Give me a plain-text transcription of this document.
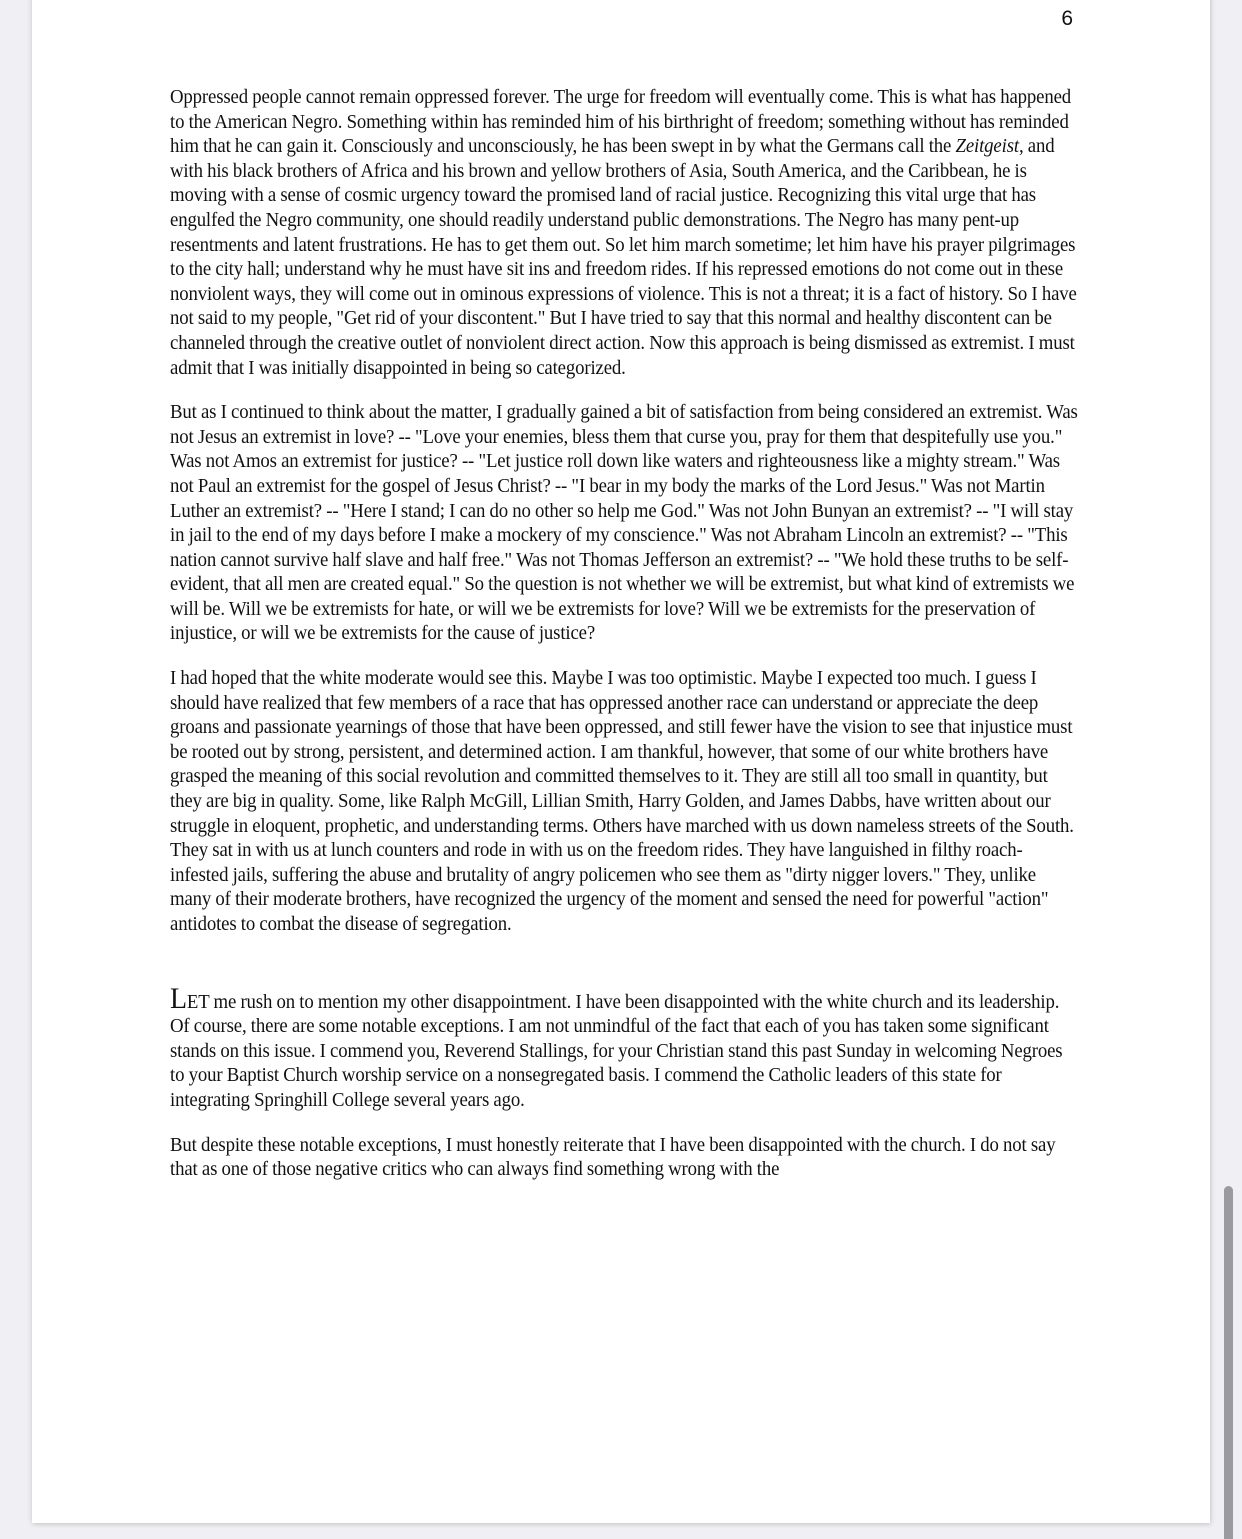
6

Oppressed people cannot remain oppressed forever. The urge for freedom will eventually come. This is what has happened to the American Negro. Something within has reminded him of his birthright of freedom; something without has reminded him that he can gain it. Consciously and unconsciously, he has been swept in by what the Germans call the Zeitgeist, and with his black brothers of Africa and his brown and yellow brothers of Asia, South America, and the Caribbean, he is moving with a sense of cosmic urgency toward the promised land of racial justice. Recognizing this vital urge that has engulfed the Negro community, one should readily understand public demonstrations. The Negro has many pent-up resentments and latent frustrations. He has to get them out. So let him march sometime; let him have his prayer pilgrimages to the city hall; understand why he must have sit ins and freedom rides. If his repressed emotions do not come out in these nonviolent ways, they will come out in ominous expressions of violence. This is not a threat; it is a fact of history. So I have not said to my people, "Get rid of your discontent." But I have tried to say that this normal and healthy discontent can be channeled through the creative outlet of nonviolent direct action. Now this approach is being dismissed as extremist. I must admit that I was initially disappointed in being so categorized.

But as I continued to think about the matter, I gradually gained a bit of satisfaction from being considered an extremist. Was not Jesus an extremist in love? -- "Love your enemies, bless them that curse you, pray for them that despitefully use you." Was not Amos an extremist for justice? -- "Let justice roll down like waters and righteousness like a mighty stream." Was not Paul an extremist for the gospel of Jesus Christ? -- "I bear in my body the marks of the Lord Jesus." Was not Martin Luther an extremist? -- "Here I stand; I can do no other so help me God." Was not John Bunyan an extremist? -- "I will stay in jail to the end of my days before I make a mockery of my conscience." Was not Abraham Lincoln an extremist? -- "This nation cannot survive half slave and half free." Was not Thomas Jefferson an extremist? -- "We hold these truths to be self-evident, that all men are created equal." So the question is not whether we will be extremist, but what kind of extremists we will be. Will we be extremists for hate, or will we be extremists for love? Will we be extremists for the preservation of injustice, or will we be extremists for the cause of justice?

I had hoped that the white moderate would see this. Maybe I was too optimistic. Maybe I expected too much. I guess I should have realized that few members of a race that has oppressed another race can understand or appreciate the deep groans and passionate yearnings of those that have been oppressed, and still fewer have the vision to see that injustice must be rooted out by strong, persistent, and determined action. I am thankful, however, that some of our white brothers have grasped the meaning of this social revolution and committed themselves to it. They are still all too small in quantity, but they are big in quality. Some, like Ralph McGill, Lillian Smith, Harry Golden, and James Dabbs, have written about our struggle in eloquent, prophetic, and understanding terms. Others have marched with us down nameless streets of the South. They sat in with us at lunch counters and rode in with us on the freedom rides. They have languished in filthy roach-infested jails, suffering the abuse and brutality of angry policemen who see them as "dirty nigger lovers." They, unlike many of their moderate brothers, have recognized the urgency of the moment and sensed the need for powerful "action" antidotes to combat the disease of segregation.

LET me rush on to mention my other disappointment. I have been disappointed with the white church and its leadership. Of course, there are some notable exceptions. I am not unmindful of the fact that each of you has taken some significant stands on this issue. I commend you, Reverend Stallings, for your Christian stand this past Sunday in welcoming Negroes to your Baptist Church worship service on a nonsegregated basis. I commend the Catholic leaders of this state for integrating Springhill College several years ago.

But despite these notable exceptions, I must honestly reiterate that I have been disappointed with the church. I do not say that as one of those negative critics who can always find something wrong with the
